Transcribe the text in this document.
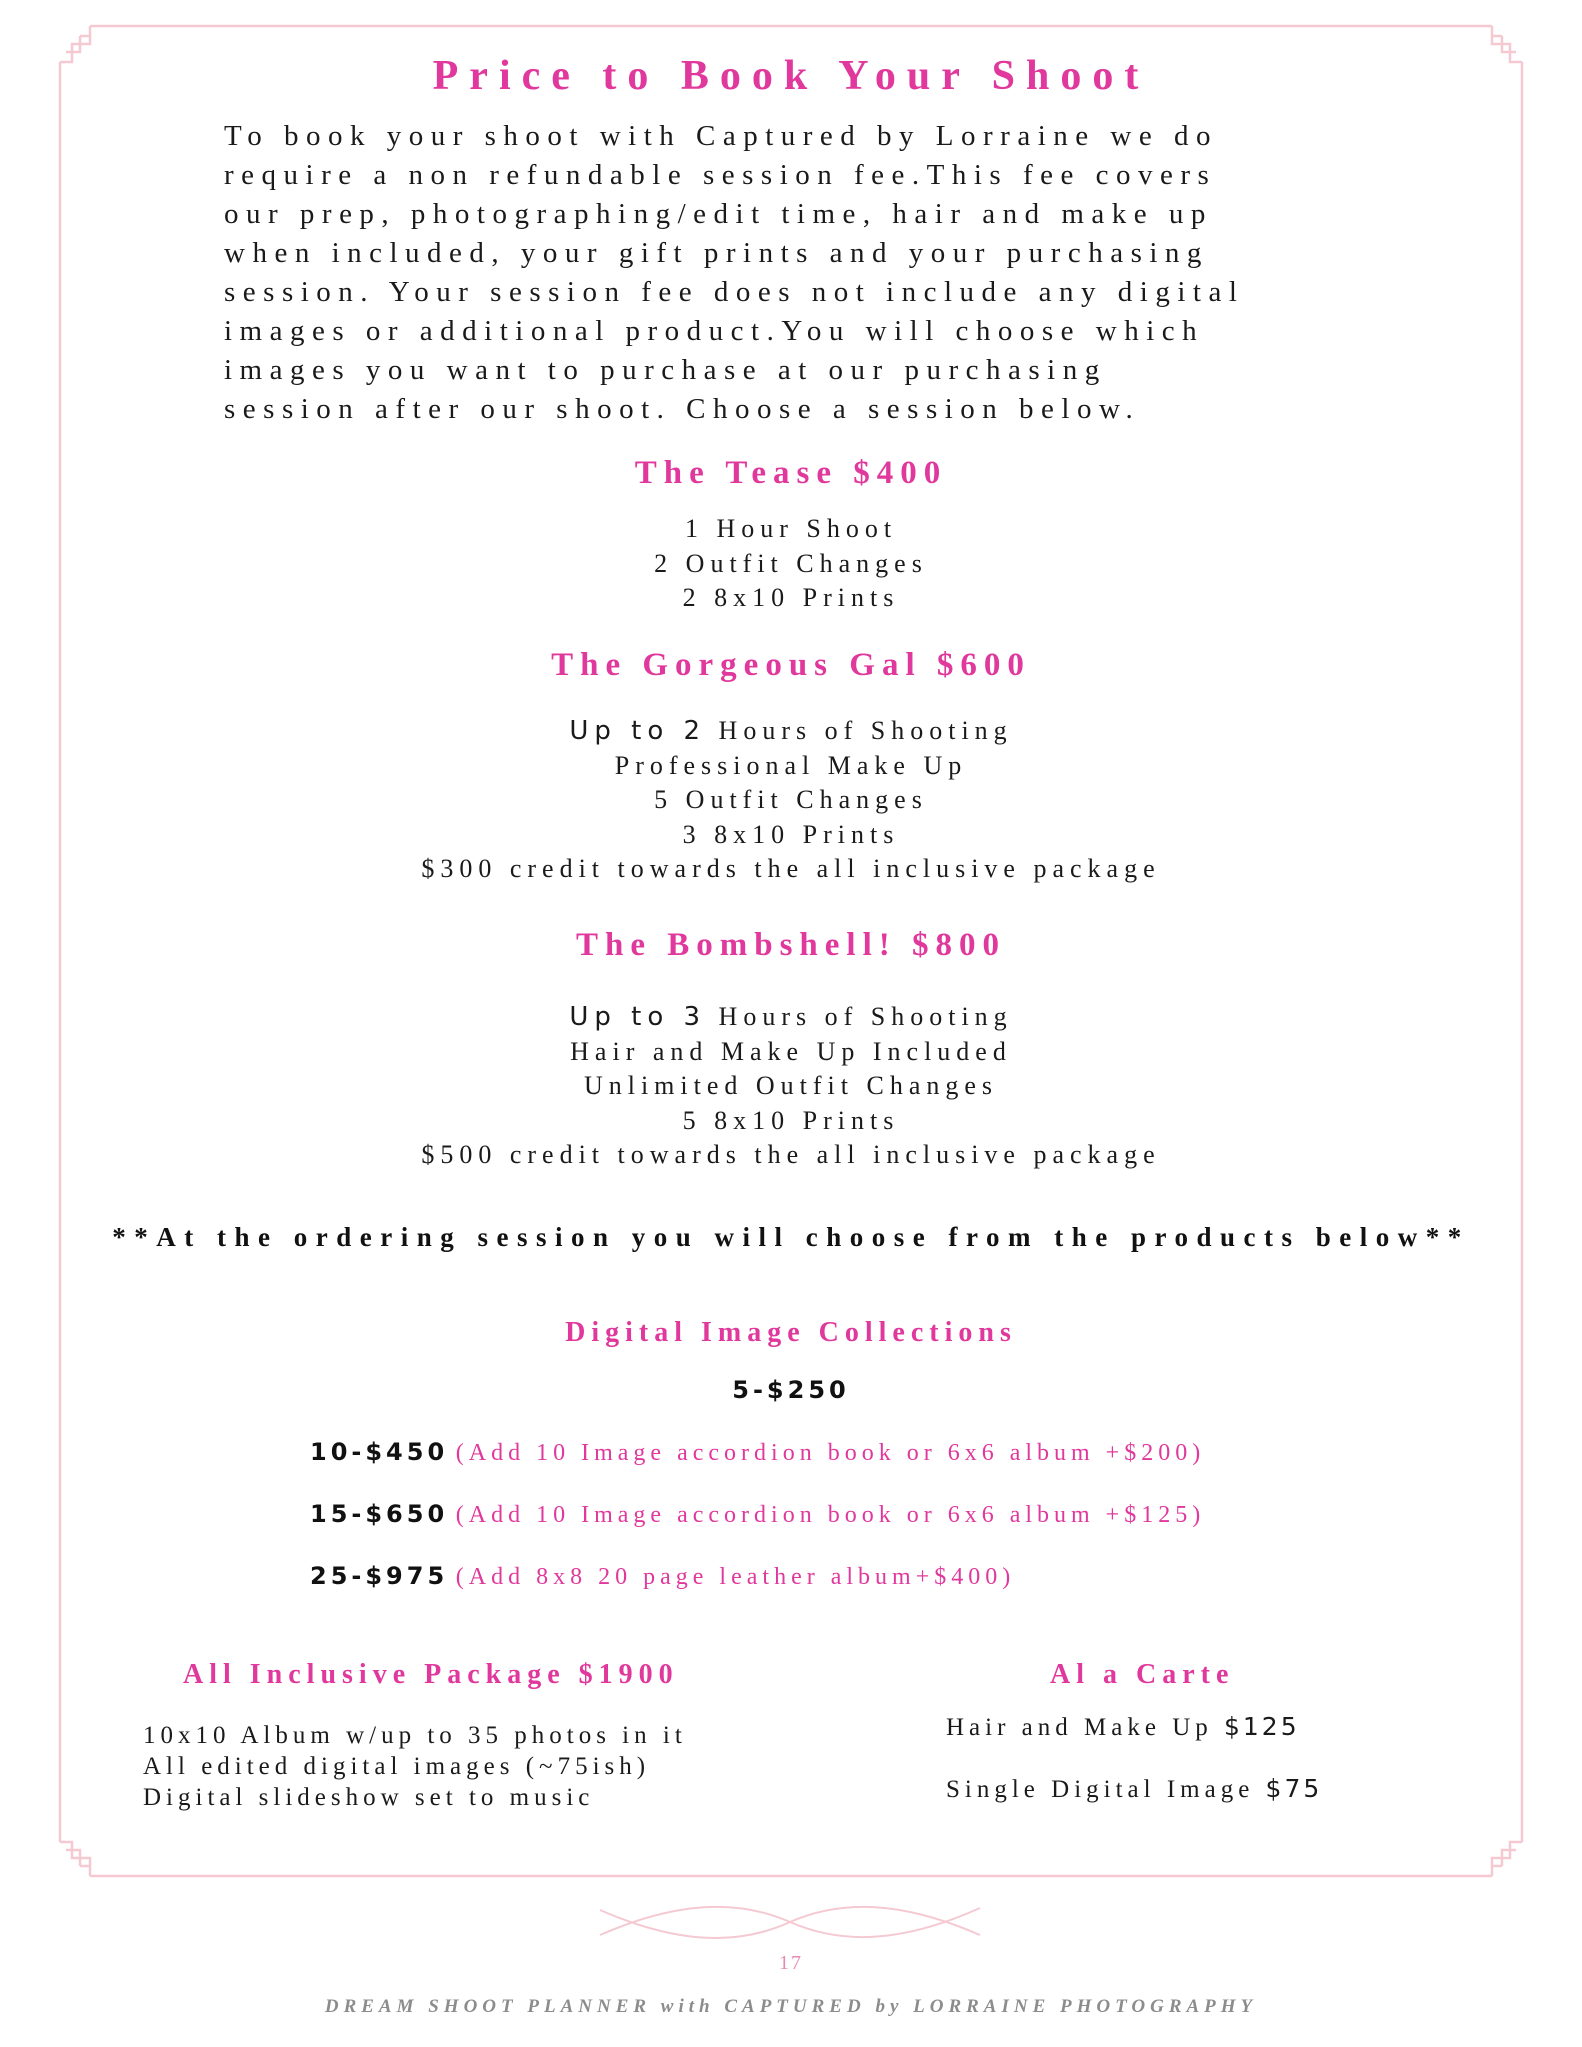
Price to Book Your Shoot
To book your shoot with Captured by Lorraine we do
require a non refundable session fee.This fee covers
our prep, photographing/edit time, hair and make up
when included, your gift prints and your purchasing
session. Your session fee does not include any digital
images or additional product.You will choose which
images you want to purchase at our purchasing
session after our shoot. Choose a session below.
The Tease $400
1 Hour Shoot
2 Outfit Changes
2 8x10 Prints
The Gorgeous Gal $600
Up to 2 Hours of Shooting
Professional Make Up
5 Outfit Changes
3 8x10 Prints
$300 credit towards the all inclusive package
The Bombshell! $800
Up to 3 Hours of Shooting
Hair and Make Up Included
Unlimited Outfit Changes
5 8x10 Prints
$500 credit towards the all inclusive package
**At the ordering session you will choose from the products below**
Digital Image Collections
5-$250
10-$450 (Add 10 Image accordion book or 6x6 album +$200)
15-$650 (Add 10 Image accordion book or 6x6 album +$125)
25-$975 (Add 8x8 20 page leather album+$400)
All Inclusive Package $1900
10x10 Album w/up to 35 photos in it
All edited digital images (~75ish)
Digital slideshow set to music
Al a Carte
Hair and Make Up $125
Single Digital Image $75
17
DREAM SHOOT PLANNER with CAPTURED by LORRAINE PHOTOGRAPHY
